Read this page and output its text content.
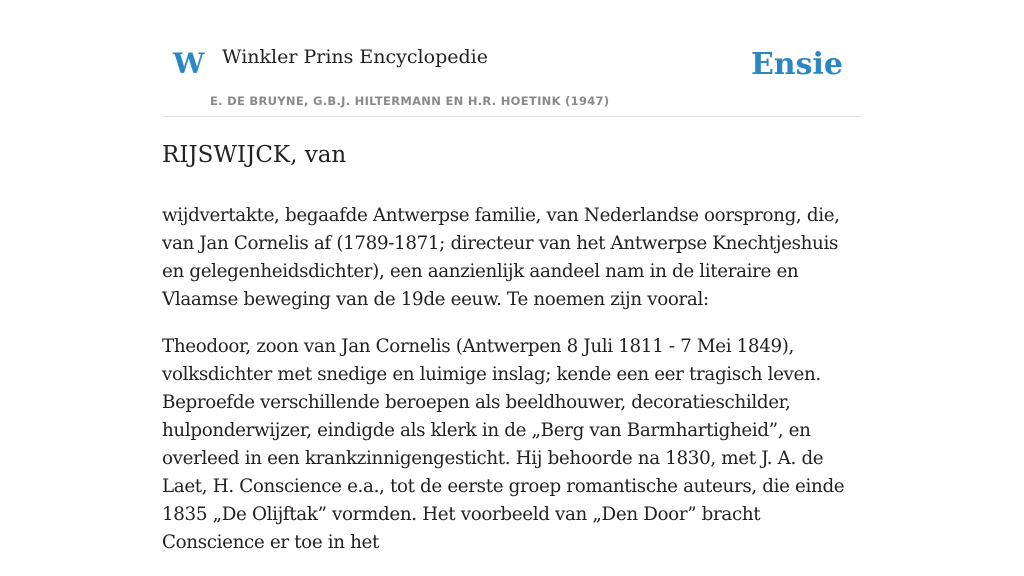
W Winkler Prins Encyclopedie
E. DE BRUYNE, G.B.J. HILTERMANN EN H.R. HOETINK (1947)
Ensie
RIJSWIJCK, van

wijdvertakte, begaafde Antwerpse familie, van Nederlandse oorsprong, die, van Jan Cornelis af (1789-1871; directeur van het Antwerpse Knechtjeshuis en gelegenheidsdichter), een aanzienlijk aandeel nam in de literaire en Vlaamse beweging van de 19de eeuw. Te noemen zijn vooral:

Theodoor, zoon van Jan Cornelis (Antwerpen 8 Juli 1811 - 7 Mei 1849), volksdichter met snedige en luimige inslag; kende een eer tragisch leven. Beproefde verschillende beroepen als beeldhouwer, decoratieschilder, hulponderwijzer, eindigde als klerk in de „Berg van Barmhartigheid”, en overleed in een krankzinnigengesticht. Hij behoorde na 1830, met J. A. de Laet, H. Conscience e.a., tot de eerste groep romantische auteurs, die einde 1835 „De Olijftak” vormden. Het voorbeeld van „Den Door” bracht Conscience er toe in het
